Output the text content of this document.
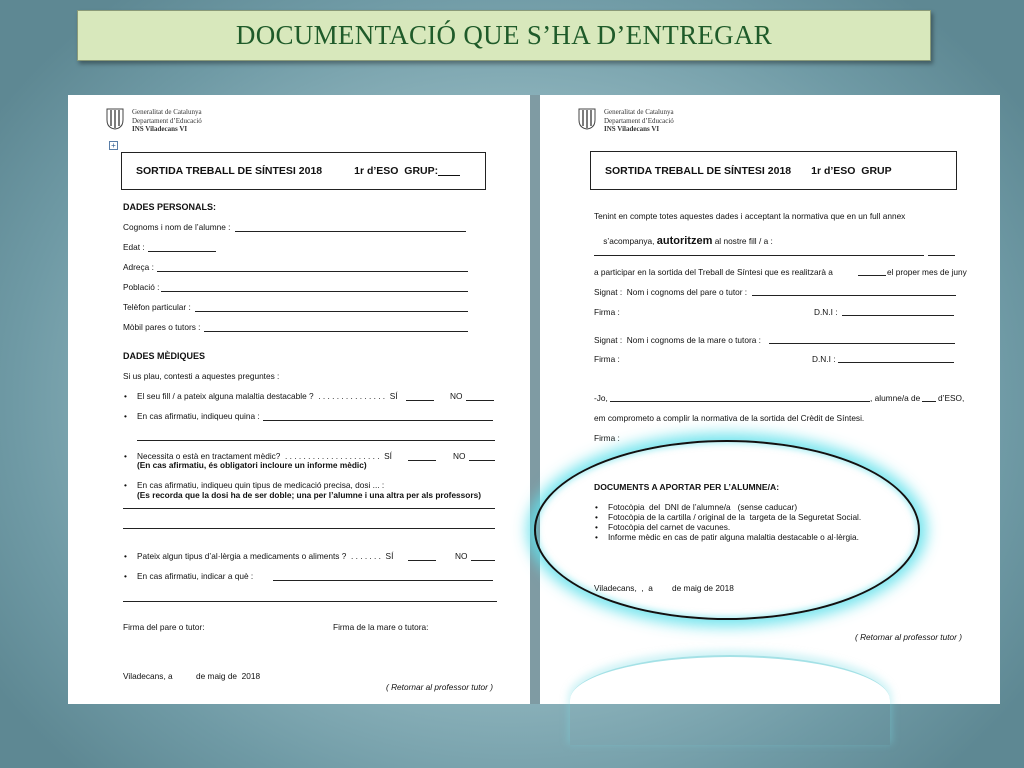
DOCUMENTACIÓ QUE S’HA D’ENTREGAR
Generalitat de Catalunya
Departament d’Educació
INS Viladecans VI
+
SORTIDA TREBALL DE SÍNTESI 2018	1r d’ESO  GRUP:
DADES PERSONALS:
Cognoms i nom de l’alumne :
Edat :
Adreça :
Població :
Telèfon particular :
Mòbil pares o tutors :
DADES MÈDIQUES
Si us plau, contesti a aquestes preguntes :
• El seu fill / a pateix alguna malaltia destacable ?  . . . . . . . . . . . . . . .  SÍ	NO
• En cas afirmatiu, indiqueu quina :
• Necessita o està en tractament mèdic?  . . . . . . . . . . . . . . . . . . . . .  SÍ	NO
(En cas afirmatiu, és obligatori incloure un informe mèdic)
• En cas afirmatiu, indiqueu quin tipus de medicació precisa, dosi ... :
(Es recorda que la dosi ha de ser doble; una per l’alumne i una altra per als professors)
• Pateix algun tipus d’al·lèrgia a medicaments o aliments ?  . . . . . . .  SÍ	NO
• En cas afirmatiu, indicar a què :
Firma del pare o tutor:	Firma de la mare o tutora:
Viladecans, a	de maig de  2018
( Retornar al professor tutor )
Generalitat de Catalunya
Departament d’Educació
INS Viladecans VI
SORTIDA TREBALL DE SÍNTESI 2018 1r d’ESO  GRUP
Tenint en compte totes aquestes dades i acceptant la normativa que en un full annex

s’acompanya, autoritzem al nostre fill / a :

a participar en la sortida del Treball de Síntesi que es realitzarà a	el proper mes de juny
Signat :  Nom i cognoms del pare o tutor :
Firma :	D.N.I :
Signat :  Nom i cognoms de la mare o tutora :
Firma :	D.N.I :
-Jo,	, alumne/a de d’ESO,
em comprometo a complir la normativa de la sortida del Crèdit de Síntesi.
Firma :
DOCUMENTS A APORTAR PER L’ALUMNE/A:
• Fotocòpia  del  DNI de l’alumne/a   (sense caducar)
• Fotocòpia de la cartilla / original de la  targeta de la Seguretat Social.
• Fotocòpia del carnet de vacunes.
• Informe mèdic en cas de patir alguna malaltia destacable o al·lèrgia.
Viladecans,  ,  a de maig de 2018
( Retornar al professor tutor )
